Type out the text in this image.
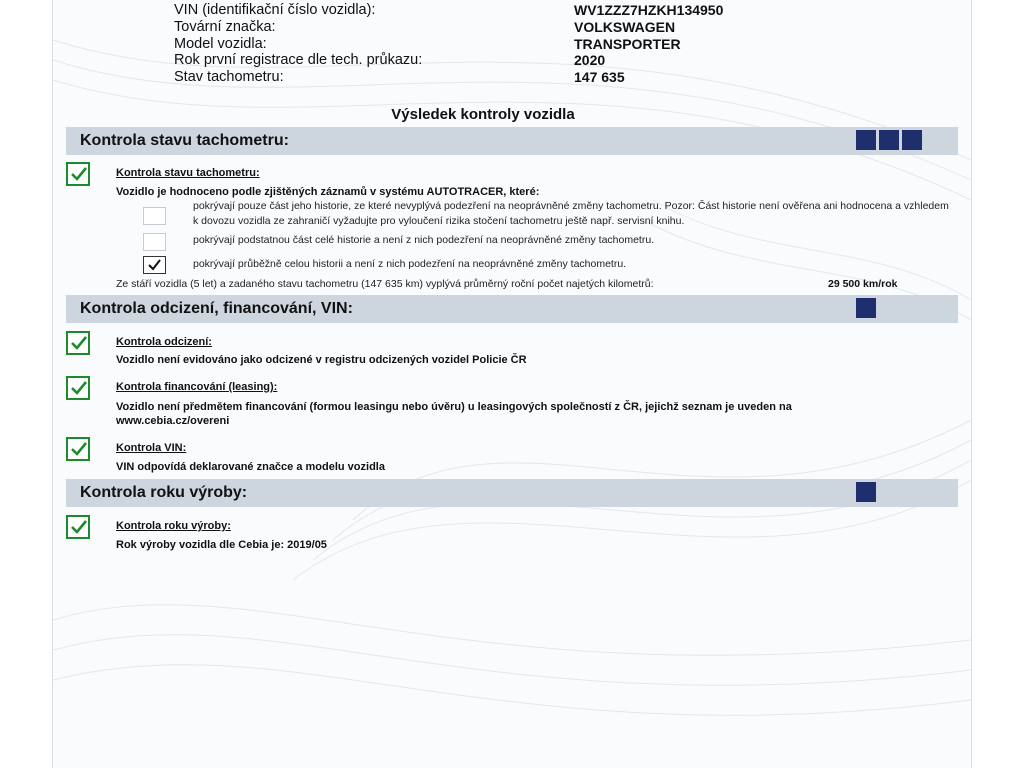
VIN (identifikační číslo vozidla):	WV1ZZZ7HZKH134950
Tovární značka:	VOLKSWAGEN
Model vozidla:	TRANSPORTER
Rok první registrace dle tech. průkazu:	2020
Stav tachometru:	147 635
Výsledek kontroly vozidla
Kontrola stavu tachometru:
Kontrola stavu tachometru:
Vozidlo je hodnoceno podle zjištěných záznamů v systému AUTOTRACER, které:
pokrývají pouze část jeho historie, ze které nevyplývá podezření na neoprávněné změny tachometru. Pozor: Část historie není ověřena ani hodnocena a vzhledem k dovozu vozidla ze zahraničí vyžadujte pro vyloučení rizika stočení tachometru ještě např. servisní knihu.
pokrývají podstatnou část celé historie a není z nich podezření na neoprávněné změny tachometru.
pokrývají průběžně celou historii a není z nich podezření na neoprávněné změny tachometru.
Ze stáří vozidla (5 let) a zadaného stavu tachometru (147 635 km) vyplývá průměrný roční počet najetých kilometrů:	29 500 km/rok
Kontrola odcizení, financování, VIN:
Kontrola odcizení:
Vozidlo není evidováno jako odcizené v registru odcizených vozidel Policie ČR
Kontrola financování (leasing):
Vozidlo není předmětem financování (formou leasingu nebo úvěru) u leasingových společností z ČR, jejichž seznam je uveden na
www.cebia.cz/overeni
Kontrola VIN:
VIN odpovídá deklarované značce a modelu vozidla
Kontrola roku výroby:
Kontrola roku výroby:
Rok výroby vozidla dle Cebia je: 2019/05
